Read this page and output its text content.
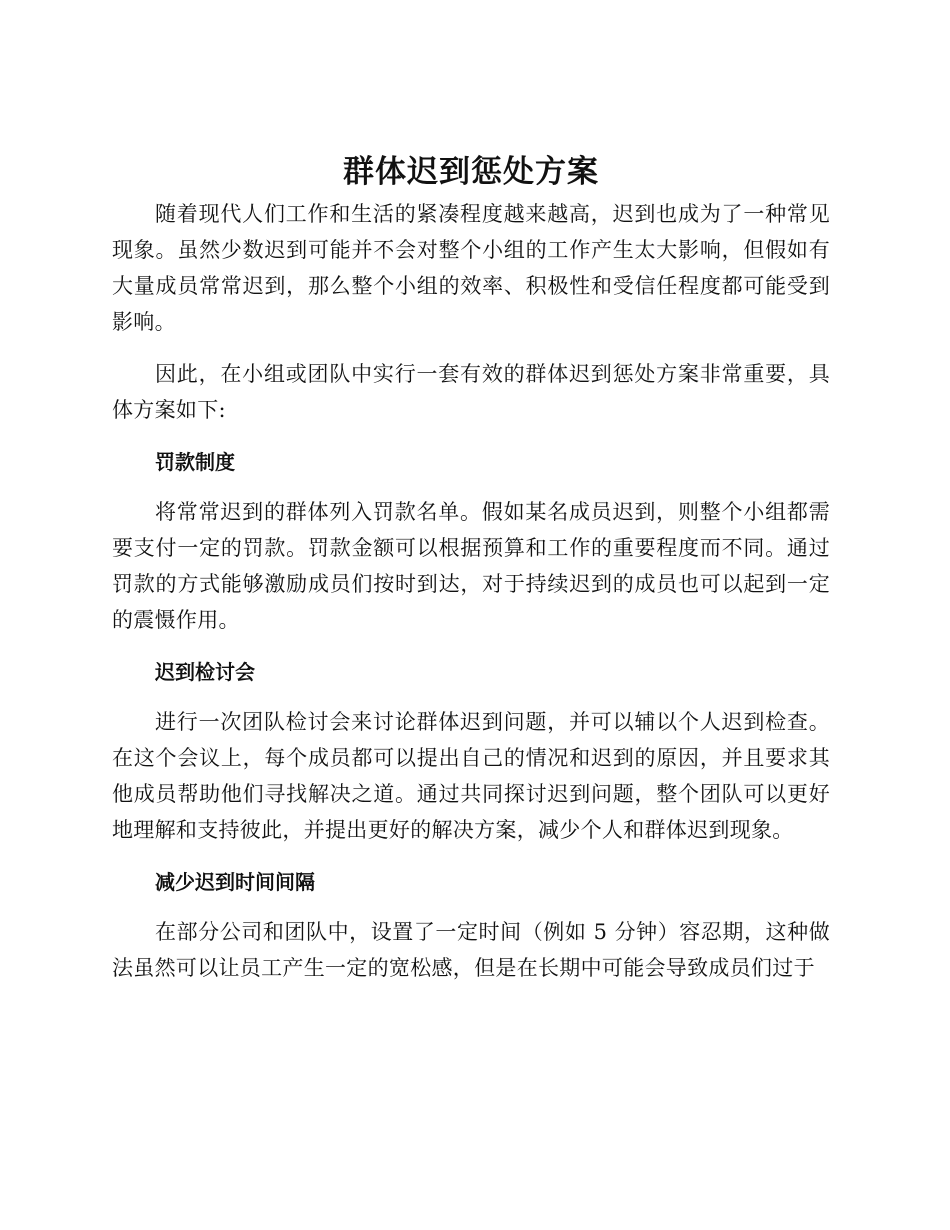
群体迟到惩处方案

随着现代人们工作和生活的紧凑程度越来越高，迟到也成为了一种常见现象。虽然少数迟到可能并不会对整个小组的工作产生太大影响，但假如有大量成员常常迟到，那么整个小组的效率、积极性和受信任程度都可能受到影响。

因此，在小组或团队中实行一套有效的群体迟到惩处方案非常重要，具体方案如下:

罚款制度

将常常迟到的群体列入罚款名单。假如某名成员迟到，则整个小组都需要支付一定的罚款。罚款金额可以根据预算和工作的重要程度而不同。通过罚款的方式能够激励成员们按时到达，对于持续迟到的成员也可以起到一定的震慑作用。

迟到检讨会

进行一次团队检讨会来讨论群体迟到问题，并可以辅以个人迟到检查。在这个会议上，每个成员都可以提出自己的情况和迟到的原因，并且要求其他成员帮助他们寻找解决之道。通过共同探讨迟到问题，整个团队可以更好地理解和支持彼此，并提出更好的解决方案，减少个人和群体迟到现象。

减少迟到时间间隔

在部分公司和团队中，设置了一定时间（例如 5 分钟）容忍期，这种做法虽然可以让员工产生一定的宽松感，但是在长期中可能会导致成员们过于
